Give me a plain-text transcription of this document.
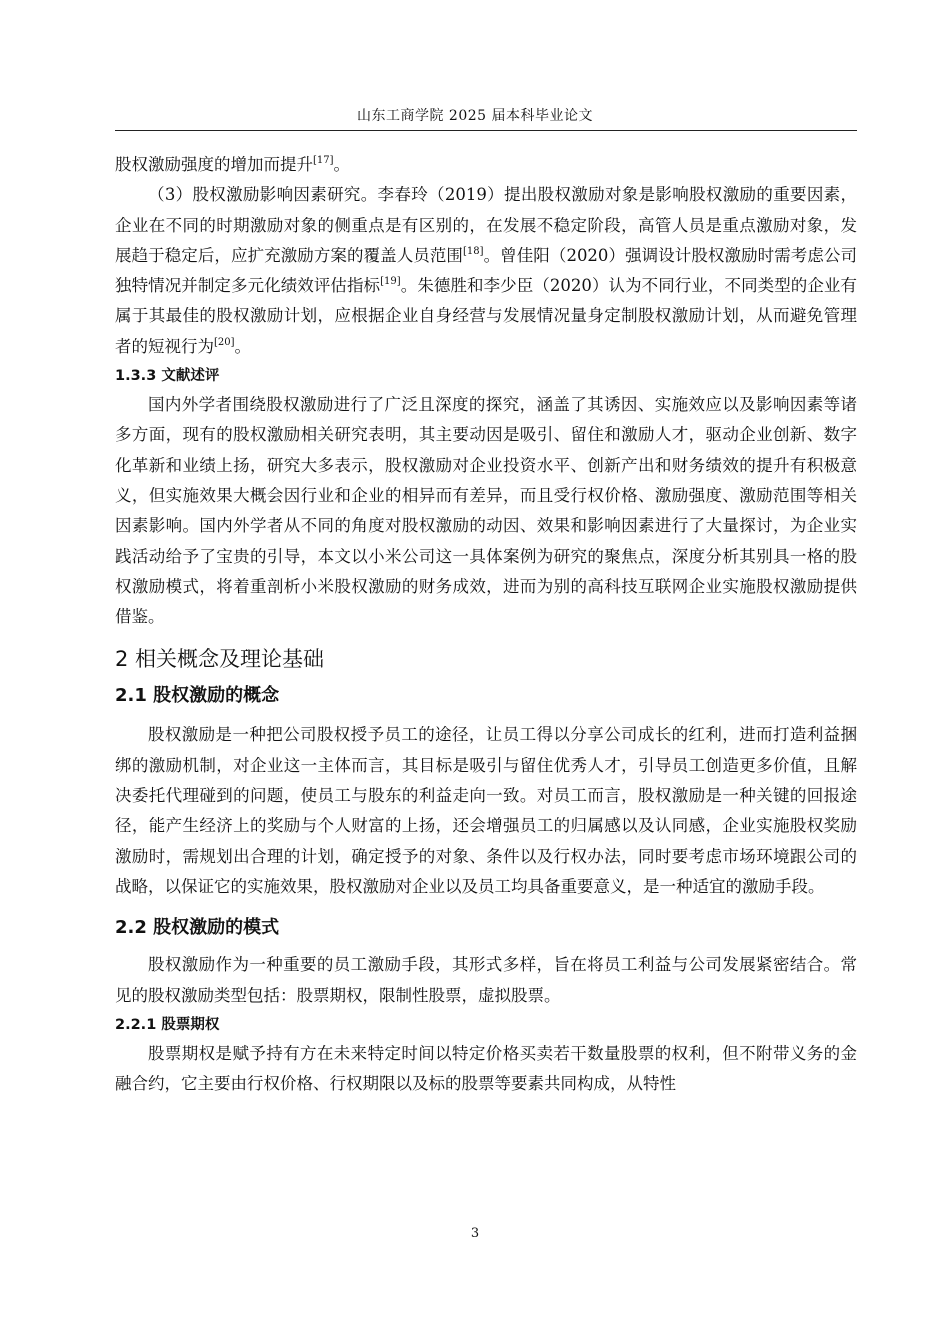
山东工商学院 2025 届本科毕业论文

股权激励强度的增加而提升[17]。

（3）股权激励影响因素研究。李春玲（2019）提出股权激励对象是影响股权激励的重要因素，企业在不同的时期激励对象的侧重点是有区别的，在发展不稳定阶段，高管人员是重点激励对象，发展趋于稳定后，应扩充激励方案的覆盖人员范围[18]。曾佳阳（2020）强调设计股权激励时需考虑公司独特情况并制定多元化绩效评估指标[19]。朱德胜和李少臣（2020）认为不同行业，不同类型的企业有属于其最佳的股权激励计划，应根据企业自身经营与发展情况量身定制股权激励计划，从而避免管理者的短视行为[20]。

1.3.3 文献述评

国内外学者围绕股权激励进行了广泛且深度的探究，涵盖了其诱因、实施效应以及影响因素等诸多方面，现有的股权激励相关研究表明，其主要动因是吸引、留住和激励人才，驱动企业创新、数字化革新和业绩上扬，研究大多表示，股权激励对企业投资水平、创新产出和财务绩效的提升有积极意义，但实施效果大概会因行业和企业的相异而有差异，而且受行权价格、激励强度、激励范围等相关因素影响。国内外学者从不同的角度对股权激励的动因、效果和影响因素进行了大量探讨，为企业实践活动给予了宝贵的引导，本文以小米公司这一具体案例为研究的聚焦点，深度分析其别具一格的股权激励模式，将着重剖析小米股权激励的财务成效，进而为别的高科技互联网企业实施股权激励提供借鉴。

2 相关概念及理论基础
2.1 股权激励的概念

股权激励是一种把公司股权授予员工的途径，让员工得以分享公司成长的红利，进而打造利益捆绑的激励机制，对企业这一主体而言，其目标是吸引与留住优秀人才，引导员工创造更多价值，且解决委托代理碰到的问题，使员工与股东的利益走向一致。对员工而言，股权激励是一种关键的回报途径，能产生经济上的奖励与个人财富的上扬，还会增强员工的归属感以及认同感，企业实施股权奖励激励时，需规划出合理的计划，确定授予的对象、条件以及行权办法，同时要考虑市场环境跟公司的战略，以保证它的实施效果，股权激励对企业以及员工均具备重要意义，是一种适宜的激励手段。

2.2 股权激励的模式

股权激励作为一种重要的员工激励手段，其形式多样，旨在将员工利益与公司发展紧密结合。常见的股权激励类型包括：股票期权，限制性股票，虚拟股票。

2.2.1 股票期权

股票期权是赋予持有方在未来特定时间以特定价格买卖若干数量股票的权利，但不附带义务的金融合约，它主要由行权价格、行权期限以及标的股票等要素共同构成，从特性

3
